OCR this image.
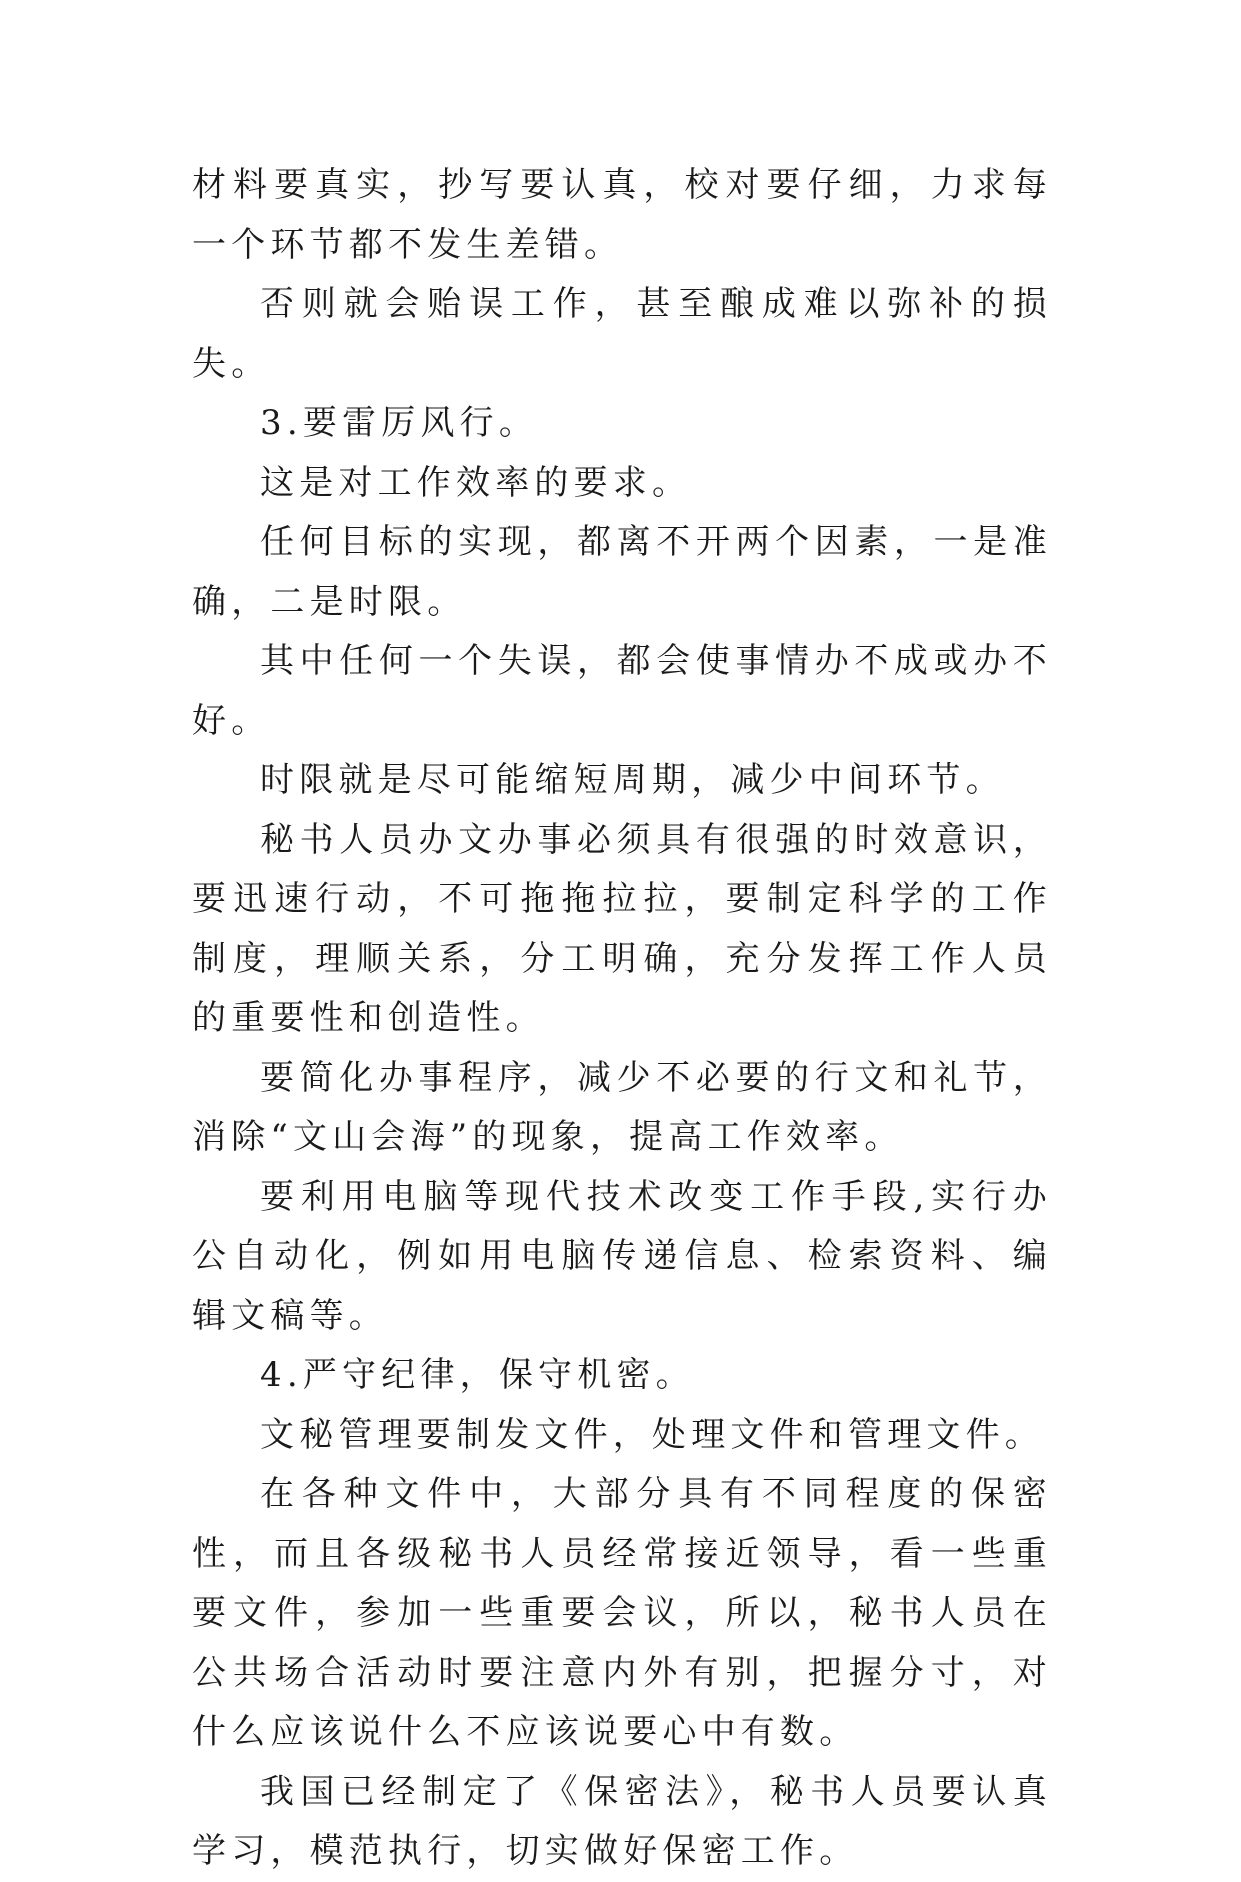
材料要真实，抄写要认真，校对要仔细，力求每一个环节都不发生差错。

否则就会贻误工作，甚至酿成难以弥补的损失。

3.要雷厉风行。

这是对工作效率的要求。

任何目标的实现，都离不开两个因素，一是准确，二是时限。

其中任何一个失误，都会使事情办不成或办不好。

时限就是尽可能缩短周期，减少中间环节。

秘书人员办文办事必须具有很强的时效意识，要迅速行动，不可拖拖拉拉，要制定科学的工作制度，理顺关系，分工明确，充分发挥工作人员的重要性和创造性。

要简化办事程序，减少不必要的行文和礼节，消除“文山会海”的现象，提高工作效率。

要利用电脑等现代技术改变工作手段,实行办公自动化，例如用电脑传递信息、检索资料、编辑文稿等。

4.严守纪律，保守机密。

文秘管理要制发文件，处理文件和管理文件。

在各种文件中，大部分具有不同程度的保密性，而且各级秘书人员经常接近领导，看一些重要文件，参加一些重要会议，所以，秘书人员在公共场合活动时要注意内外有别，把握分寸，对什么应该说什么不应该说要心中有数。

我国已经制定了《保密法》，秘书人员要认真学习，模范执行，切实做好保密工作。
